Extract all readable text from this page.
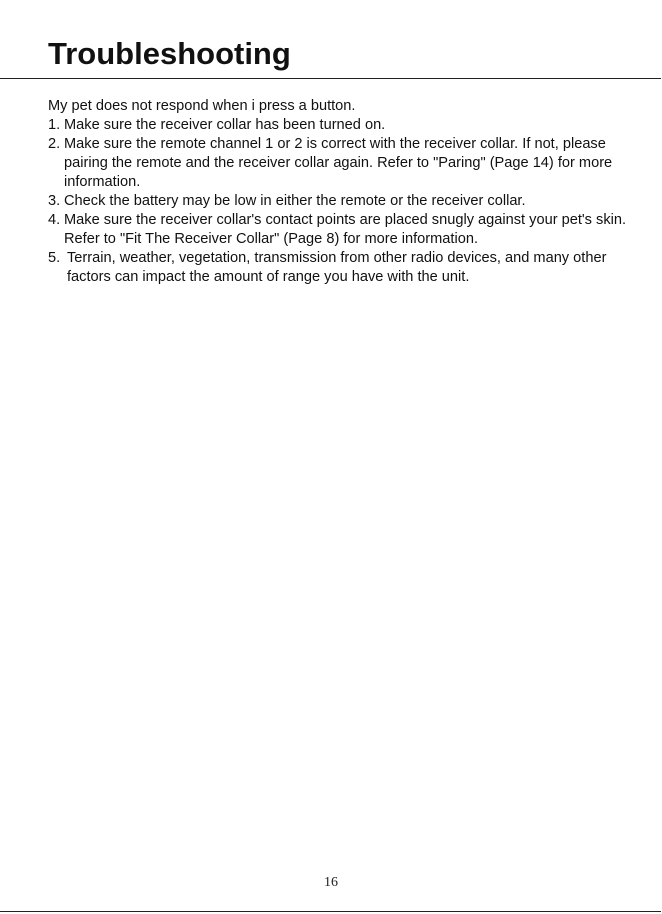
Troubleshooting

My pet does not respond when i press a button.

1. Make sure the receiver collar has been turned on.
2. Make sure the remote channel 1 or 2 is correct with the receiver collar. If not, please pairing the remote and the receiver collar again. Refer to "Paring" (Page 14) for more information.
3. Check the battery may be low in either the remote or the receiver collar.
4. Make sure the receiver collar's contact points are placed snugly against your pet's skin. Refer to "Fit The Receiver Collar" (Page 8) for more information.
5. Terrain, weather, vegetation, transmission from other radio devices, and many other factors can impact the amount of range you have with the unit.
16
